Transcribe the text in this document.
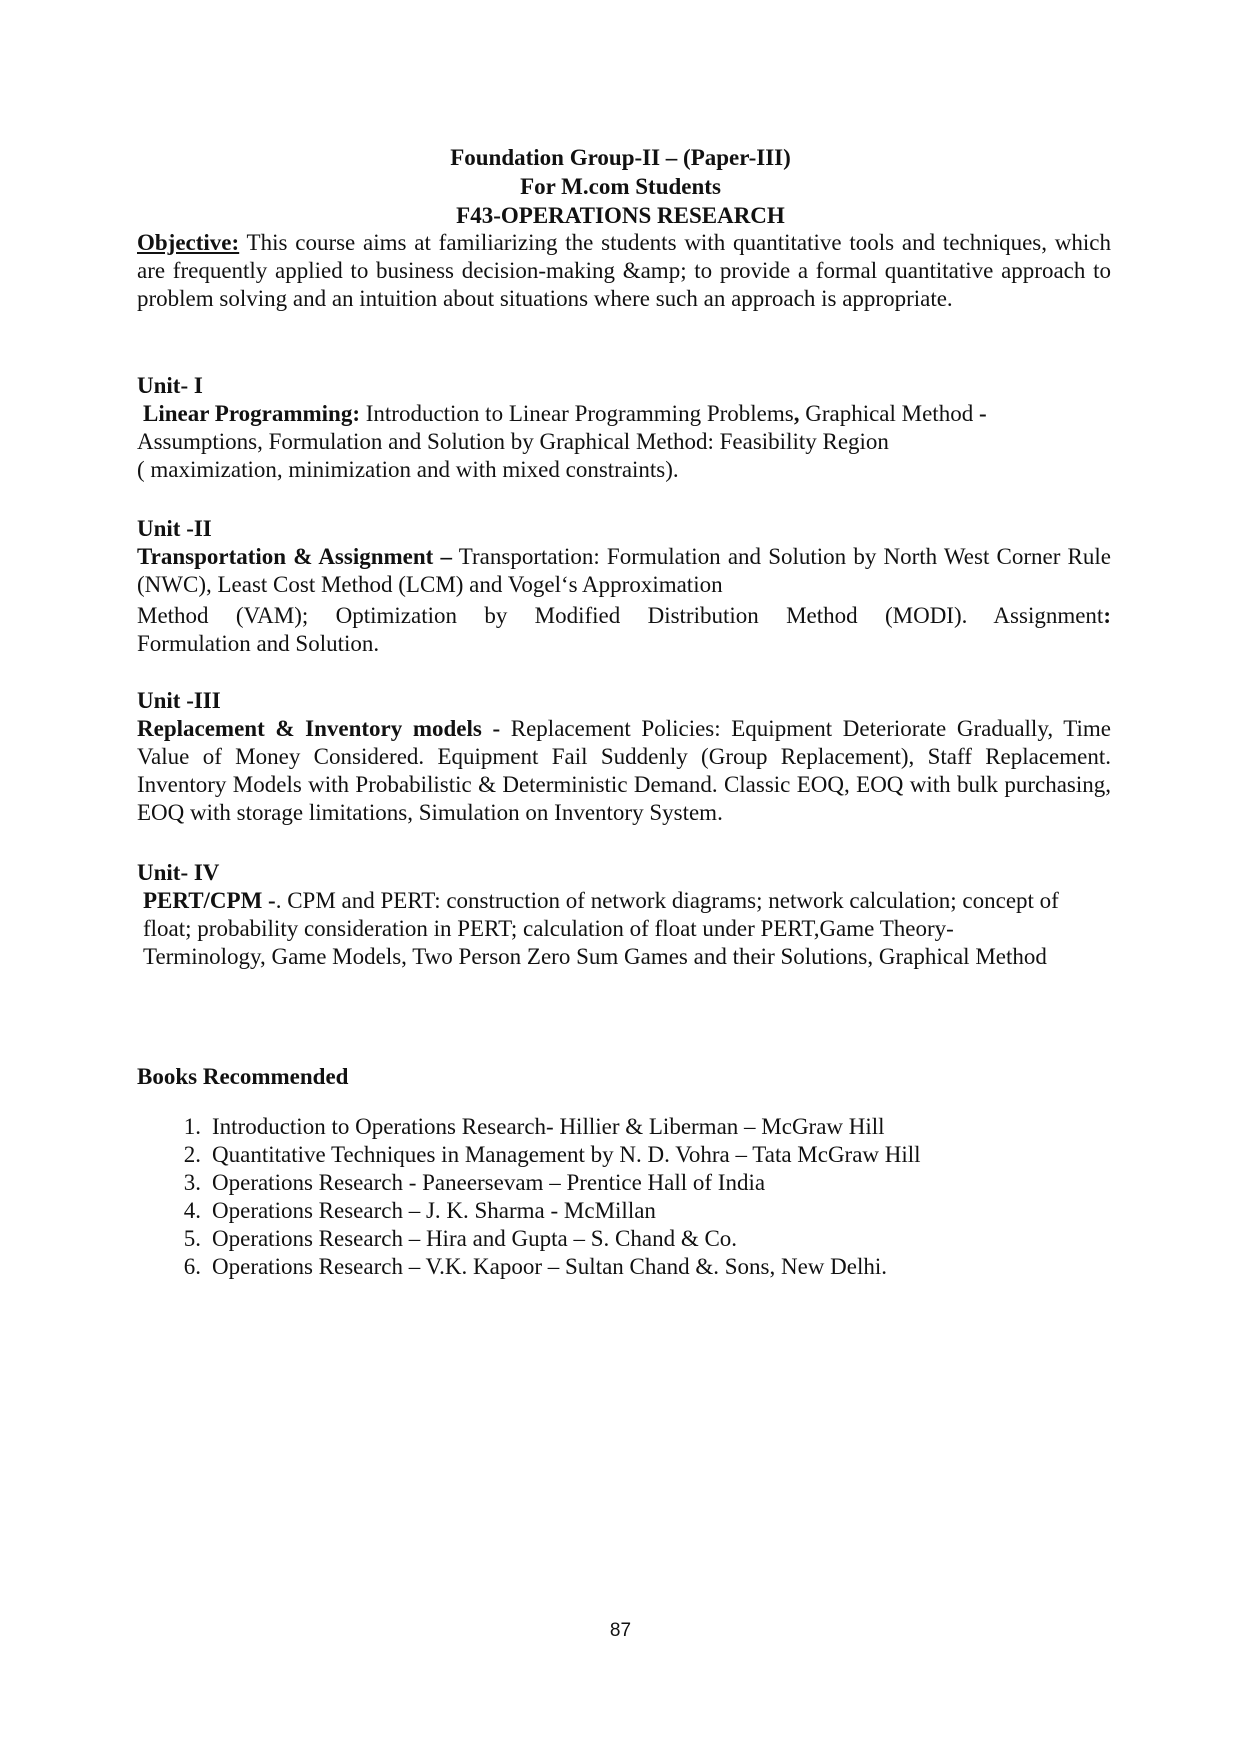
Foundation Group-II – (Paper-III)
For M.com Students
F43-OPERATIONS RESEARCH
Objective: This course aims at familiarizing the students with quantitative tools and techniques, which are frequently applied to business decision-making &amp; to provide a formal quantitative approach to problem solving and an intuition about situations where such an approach is appropriate.
Unit- I
Linear Programming: Introduction to Linear Programming Problems, Graphical Method -
Assumptions, Formulation and Solution by Graphical Method: Feasibility Region ( maximization, minimization and with mixed constraints).
Unit -II
Transportation & Assignment – Transportation: Formulation and Solution by North West Corner Rule (NWC), Least Cost Method (LCM) and Vogel‘s Approximation
Method (VAM); Optimization by Modified Distribution Method (MODI). Assignment:
Formulation and Solution.
Unit -III
Replacement & Inventory models - Replacement Policies: Equipment Deteriorate Gradually, Time Value of Money Considered. Equipment Fail Suddenly (Group Replacement), Staff Replacement. Inventory Models with Probabilistic & Deterministic Demand. Classic EOQ, EOQ with bulk purchasing, EOQ with storage limitations, Simulation on Inventory System.
Unit- IV
PERT/CPM -. CPM and PERT: construction of network diagrams; network calculation; concept of float; probability consideration in PERT; calculation of float under PERT,Game Theory-Terminology, Game Models, Two Person Zero Sum Games and their Solutions, Graphical Method
Books Recommended
1. Introduction to Operations Research- Hillier & Liberman – McGraw Hill
2. Quantitative Techniques in Management by N. D. Vohra – Tata McGraw Hill
3. Operations Research - Paneersevam – Prentice Hall of India
4. Operations Research – J. K. Sharma - McMillan
5. Operations Research – Hira and Gupta – S. Chand & Co.
6. Operations Research – V.K. Kapoor – Sultan Chand &. Sons, New Delhi.
87
